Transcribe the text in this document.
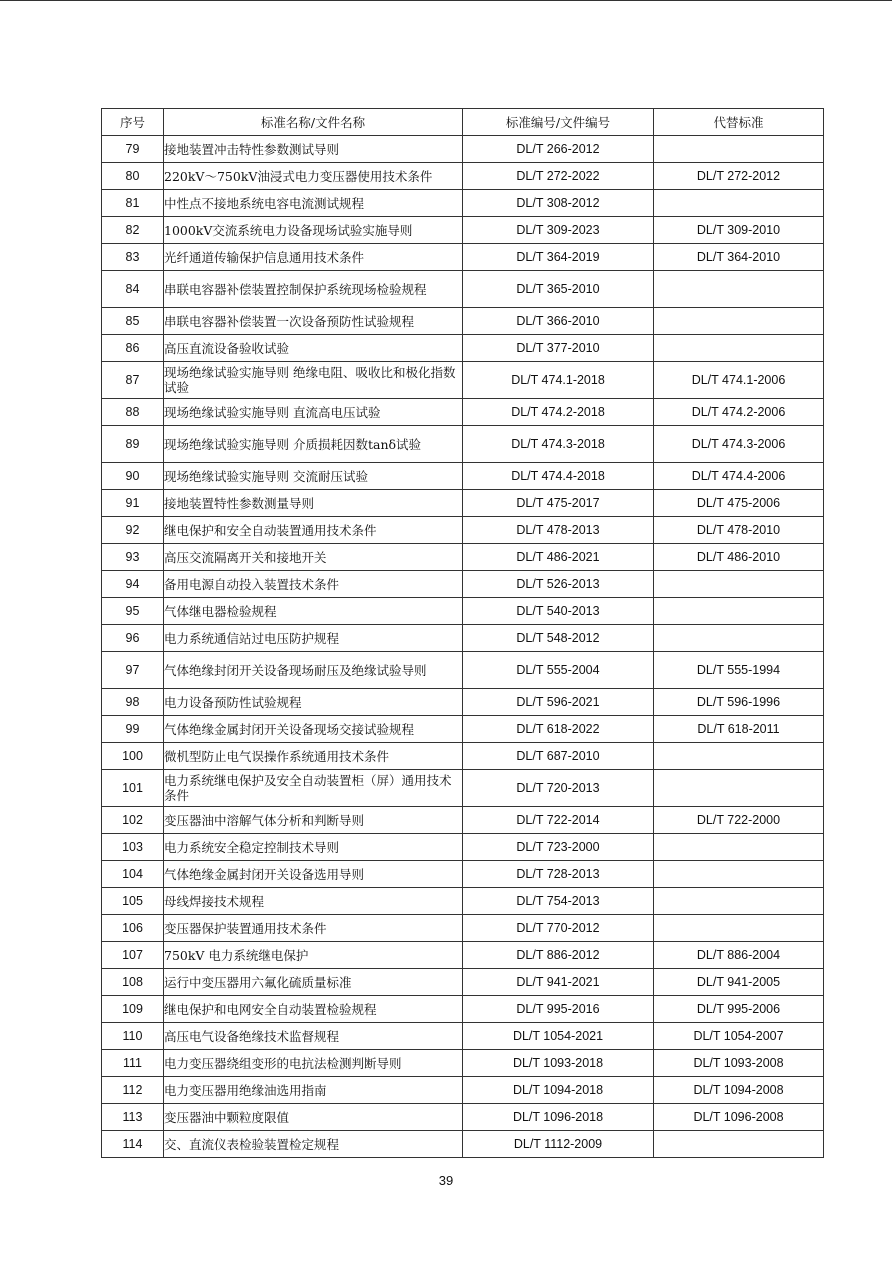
序号	标准名称/文件名称	标准编号/文件编号	代替标准
79	接地装置冲击特性参数测试导则	DL/T 266-2012	
80	220kV～750kV油浸式电力变压器使用技术条件	DL/T 272-2022	DL/T 272-2012
81	中性点不接地系统电容电流测试规程	DL/T 308-2012	
82	1000kV交流系统电力设备现场试验实施导则	DL/T 309-2023	DL/T 309-2010
83	光纤通道传输保护信息通用技术条件	DL/T 364-2019	DL/T 364-2010
84	串联电容器补偿装置控制保护系统现场检验规程	DL/T 365-2010	
85	串联电容器补偿装置一次设备预防性试验规程	DL/T 366-2010	
86	高压直流设备验收试验	DL/T 377-2010	
87	现场绝缘试验实施导则 绝缘电阻、吸收比和极化指数试验	DL/T 474.1-2018	DL/T 474.1-2006
88	现场绝缘试验实施导则 直流高电压试验	DL/T 474.2-2018	DL/T 474.2-2006
89	现场绝缘试验实施导则 介质损耗因数tanδ试验	DL/T 474.3-2018	DL/T 474.3-2006
90	现场绝缘试验实施导则 交流耐压试验	DL/T 474.4-2018	DL/T 474.4-2006
91	接地装置特性参数测量导则	DL/T 475-2017	DL/T 475-2006
92	继电保护和安全自动装置通用技术条件	DL/T 478-2013	DL/T 478-2010
93	高压交流隔离开关和接地开关	DL/T 486-2021	DL/T 486-2010
94	备用电源自动投入装置技术条件	DL/T 526-2013	
95	气体继电器检验规程	DL/T 540-2013	
96	电力系统通信站过电压防护规程	DL/T 548-2012	
97	气体绝缘封闭开关设备现场耐压及绝缘试验导则	DL/T 555-2004	DL/T 555-1994
98	电力设备预防性试验规程	DL/T 596-2021	DL/T 596-1996
99	气体绝缘金属封闭开关设备现场交接试验规程	DL/T 618-2022	DL/T 618-2011
100	微机型防止电气误操作系统通用技术条件	DL/T 687-2010	
101	电力系统继电保护及安全自动装置柜（屏）通用技术条件	DL/T 720-2013	
102	变压器油中溶解气体分析和判断导则	DL/T 722-2014	DL/T 722-2000
103	电力系统安全稳定控制技术导则	DL/T 723-2000	
104	气体绝缘金属封闭开关设备选用导则	DL/T 728-2013	
105	母线焊接技术规程	DL/T 754-2013	
106	变压器保护装置通用技术条件	DL/T 770-2012	
107	750kV 电力系统继电保护	DL/T 886-2012	DL/T 886-2004
108	运行中变压器用六氟化硫质量标准	DL/T 941-2021	DL/T 941-2005
109	继电保护和电网安全自动装置检验规程	DL/T 995-2016	DL/T 995-2006
110	高压电气设备绝缘技术监督规程	DL/T 1054-2021	DL/T 1054-2007
111	电力变压器绕组变形的电抗法检测判断导则	DL/T 1093-2018	DL/T 1093-2008
112	电力变压器用绝缘油选用指南	DL/T 1094-2018	DL/T 1094-2008
113	变压器油中颗粒度限值	DL/T 1096-2018	DL/T 1096-2008
114	交、直流仪表检验装置检定规程	DL/T 1112-2009	
39
